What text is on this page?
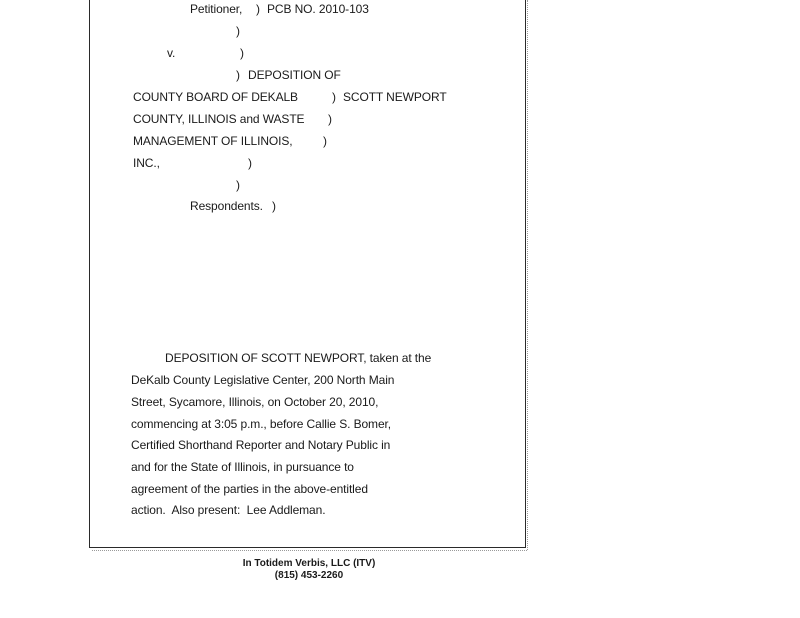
Petitioner, ) PCB NO. 2010-103
)
v.	)
) DEPOSITION OF
COUNTY BOARD OF DEKALB	) SCOTT NEWPORT
COUNTY, ILLINOIS and WASTE )
MANAGEMENT OF ILLINOIS,	)
INC.,	)
)
Respondents. )
DEPOSITION OF SCOTT NEWPORT, taken at the
DeKalb County Legislative Center, 200 North Main
Street, Sycamore, Illinois, on October 20, 2010,
commencing at 3:05 p.m., before Callie S. Bomer,
Certified Shorthand Reporter and Notary Public in
and for the State of Illinois, in pursuance to
agreement of the parties in the above-entitled
action.  Also present:  Lee Addleman.
In Totidem Verbis, LLC (ITV)
(815) 453-2260
